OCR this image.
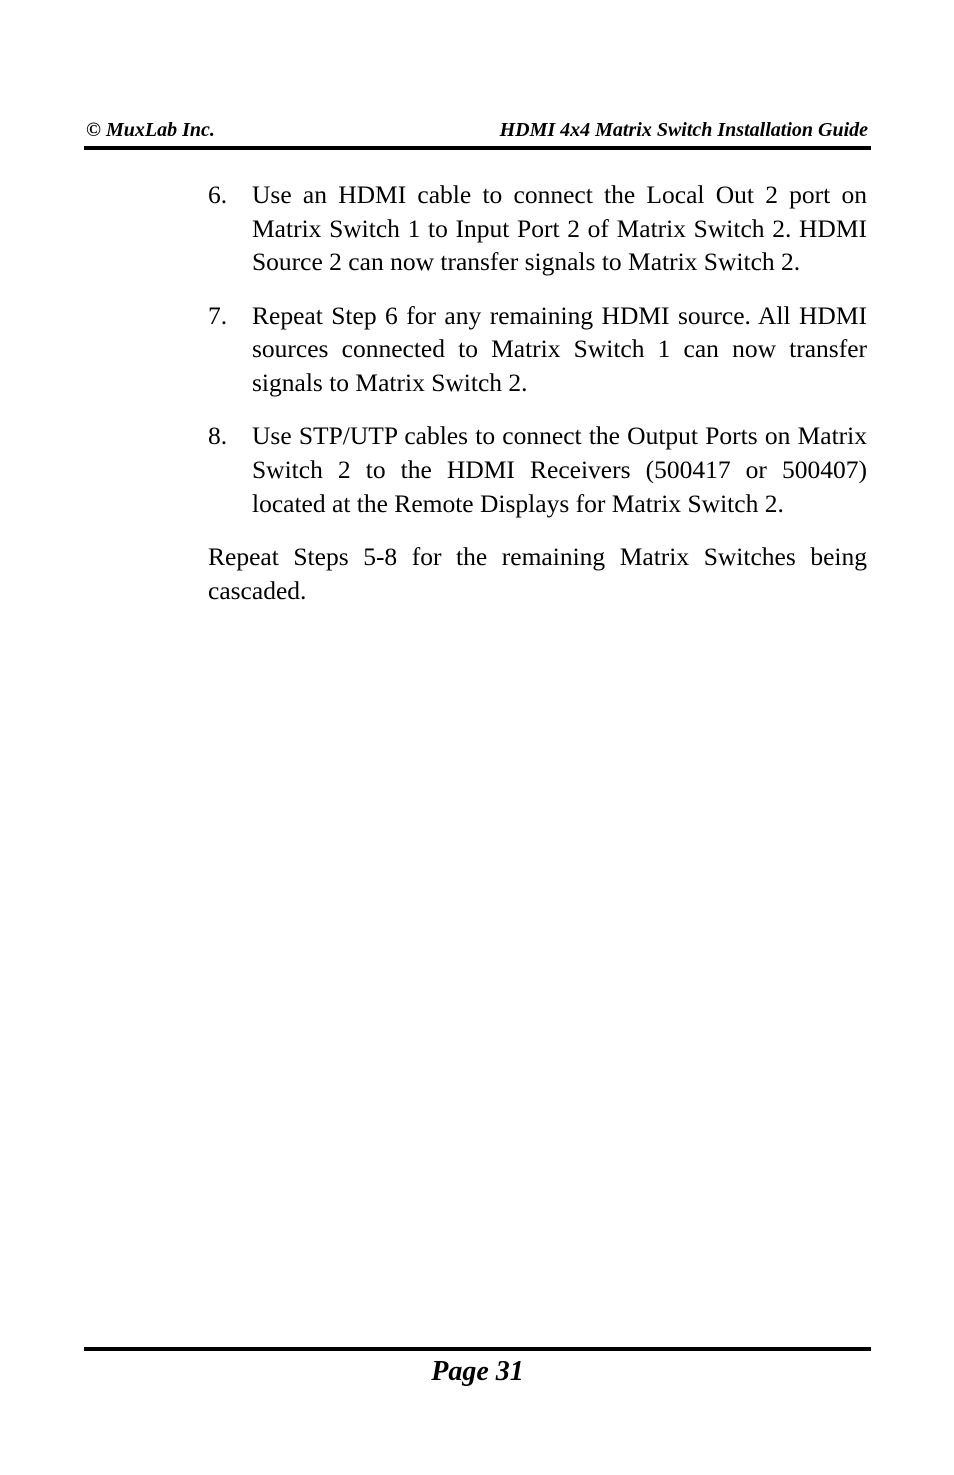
© MuxLab Inc.	HDMI 4x4 Matrix Switch Installation Guide
6. Use an HDMI cable to connect the Local Out 2 port on Matrix Switch 1 to Input Port 2 of Matrix Switch 2. HDMI Source 2 can now transfer signals to Matrix Switch 2.
7. Repeat Step 6 for any remaining HDMI source. All HDMI sources connected to Matrix Switch 1 can now transfer signals to Matrix Switch 2.
8. Use STP/UTP cables to connect the Output Ports on Matrix Switch 2 to the HDMI Receivers (500417 or 500407) located at the Remote Displays for Matrix Switch 2.

Repeat Steps 5-8 for the remaining Matrix Switches being cascaded.

Page 31
